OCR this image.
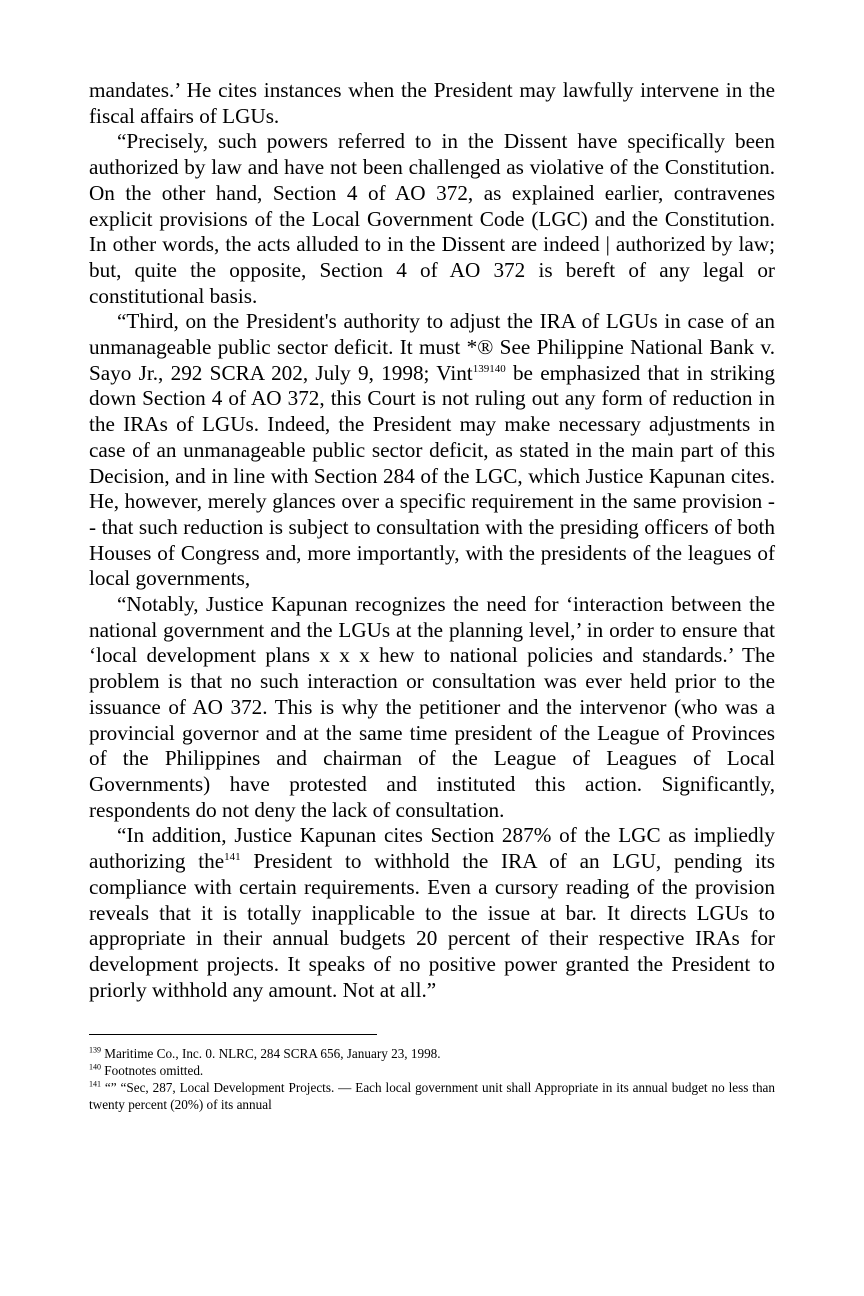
mandates.’ He cites instances when the President may lawfully intervene in the fiscal affairs of LGUs.

“Precisely, such powers referred to in the Dissent have specifically been authorized by law and have not been challenged as violative of the Constitution. On the other hand, Section 4 of AO 372, as explained earlier, contravenes explicit provisions of the Local Government Code (LGC) and the Constitution. In other words, the acts alluded to in the Dissent are indeed | authorized by law; but, quite the opposite, Section 4 of AO 372 is bereft of any legal or constitutional basis.

“Third, on the President's authority to adjust the IRA of LGUs in case of an unmanageable public sector deficit. It must *® See Philippine National Bank v. Sayo Jr., 292 SCRA 202, July 9, 1998; Vint$^{139140}$ be emphasized that in striking down Section 4 of AO 372, this Court is not ruling out any form of reduction in the IRAs of LGUs. Indeed, the President may make necessary adjustments in case of an unmanageable public sector deficit, as stated in the main part of this Decision, and in line with Section 284 of the LGC, which Justice Kapunan cites. He, however, merely glances over a specific requirement in the same provision -- that such reduction is subject to consultation with the presiding officers of both Houses of Congress and, more importantly, with the presidents of the leagues of local governments,

“Notably, Justice Kapunan recognizes the need for ‘interaction between the national government and the LGUs at the planning level,’ in order to ensure that ‘local development plans x x x hew to national policies and standards.’ The problem is that no such interaction or consultation was ever held prior to the issuance of AO 372. This is why the petitioner and the intervenor (who was a provincial governor and at the same time president of the League of Provinces of the Philippines and chairman of the League of Leagues of Local Governments) have protested and instituted this action. Significantly, respondents do not deny the lack of consultation.

“In addition, Justice Kapunan cites Section 287% of the LGC as impliedly authorizing the$^{141}$ President to withhold the IRA of an LGU, pending its compliance with certain requirements. Even a cursory reading of the provision reveals that it is totally inapplicable to the issue at bar. It directs LGUs to appropriate in their annual budgets 20 percent of their respective IRAs for development projects. It speaks of no positive power granted the President to priorly withhold any amount. Not at all.”

$^{139}$ Maritime Co., Inc. 0. NLRC, 284 SCRA 656, January 23, 1998.

$^{140}$ Footnotes omitted.

$^{141}$ “” “Sec, 287, Local Development Projects. — Each local government unit shall Appropriate in its annual budget no less than twenty percent (20%) of its annual
